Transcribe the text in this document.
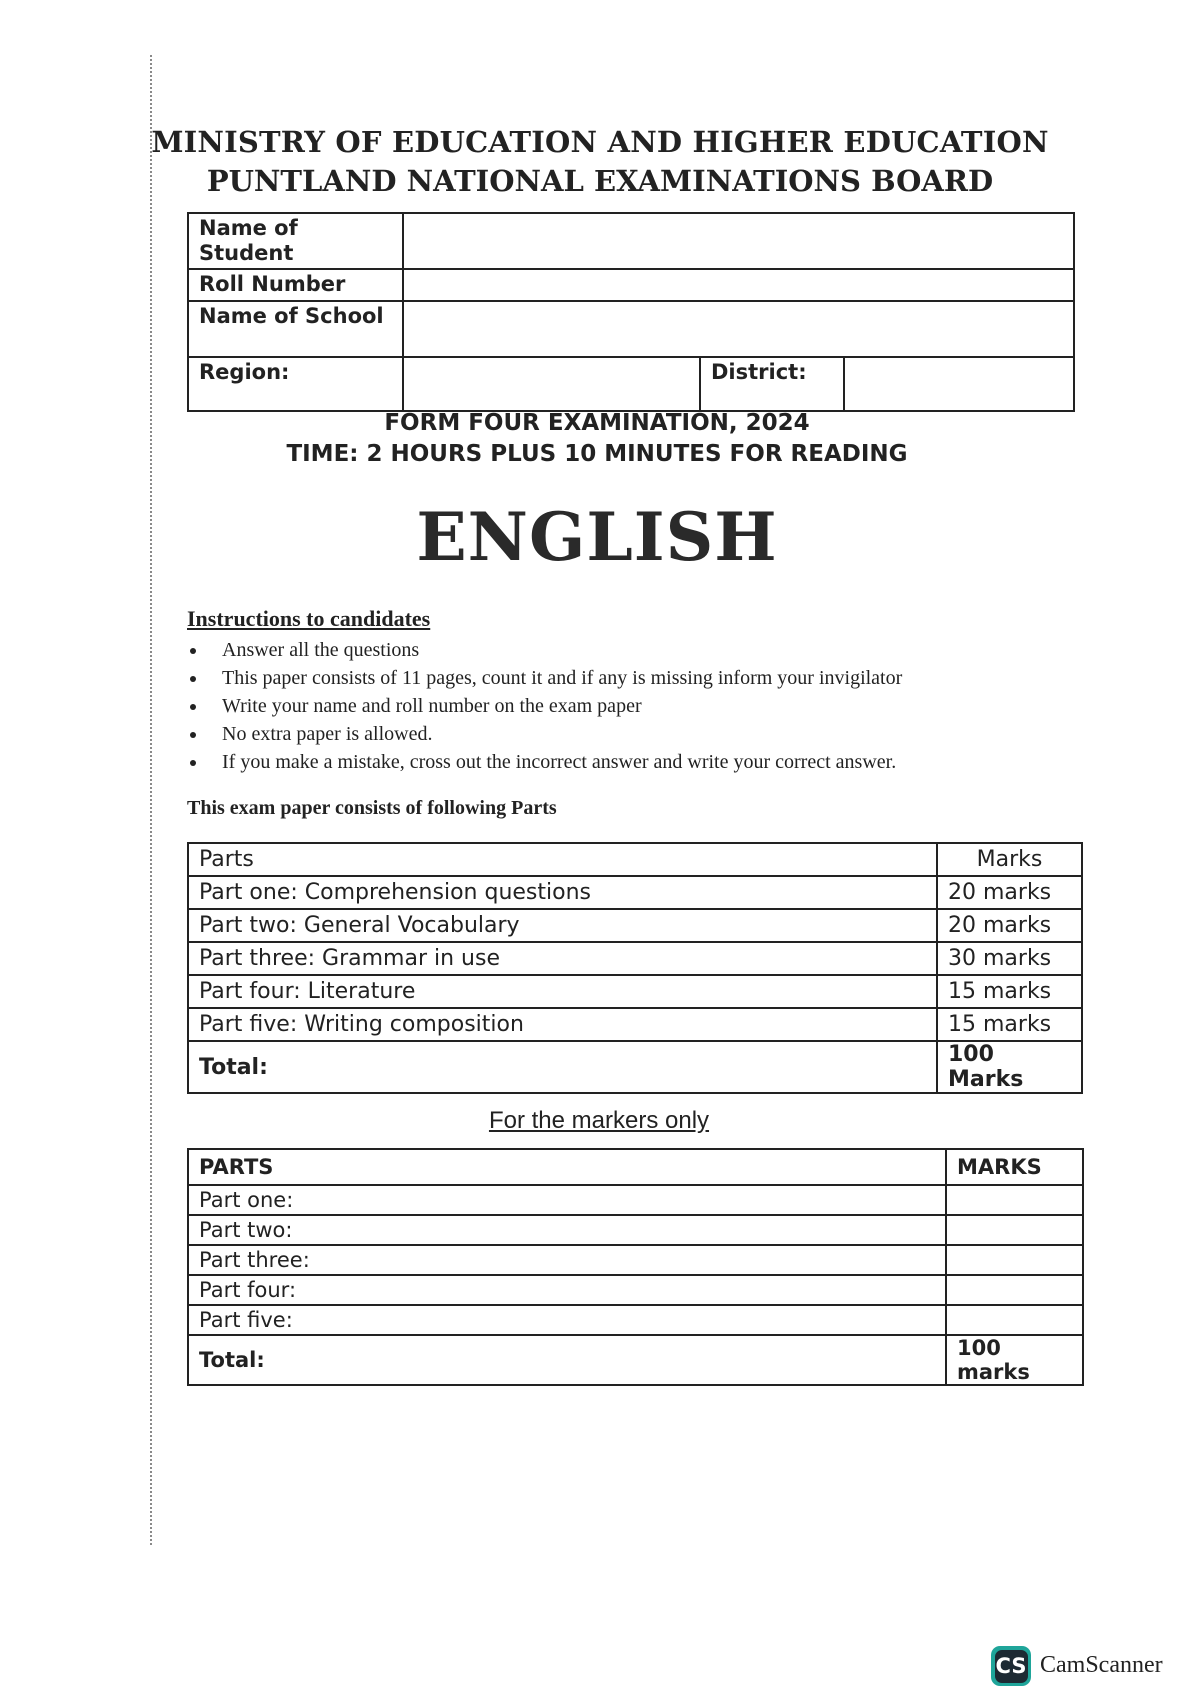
MINISTRY OF EDUCATION AND HIGHER EDUCATION
PUNTLAND NATIONAL EXAMINATIONS BOARD
Name of Student			
Roll Number			
Name of School			
Region:		District:	
FORM FOUR EXAMINATION, 2024
TIME: 2 HOURS PLUS 10 MINUTES FOR READING
ENGLISH
Instructions to candidates
Answer all the questions
This paper consists of 11 pages, count it and if any is missing inform your invigilator
Write your name and roll number on the exam paper
No extra paper is allowed.
If you make a mistake, cross out the incorrect answer and write your correct answer.
This exam paper consists of following Parts
Parts	Marks
Part one: Comprehension questions	20 marks
Part two: General Vocabulary	20 marks
Part three: Grammar in use	30 marks
Part four: Literature	15 marks
Part five: Writing composition	15 marks
Total:	100 Marks
For the markers only
PARTS	MARKS
Part one:	
Part two:	
Part three:	
Part four:	
Part five:	
Total:	100 marks
CS CamScanner
